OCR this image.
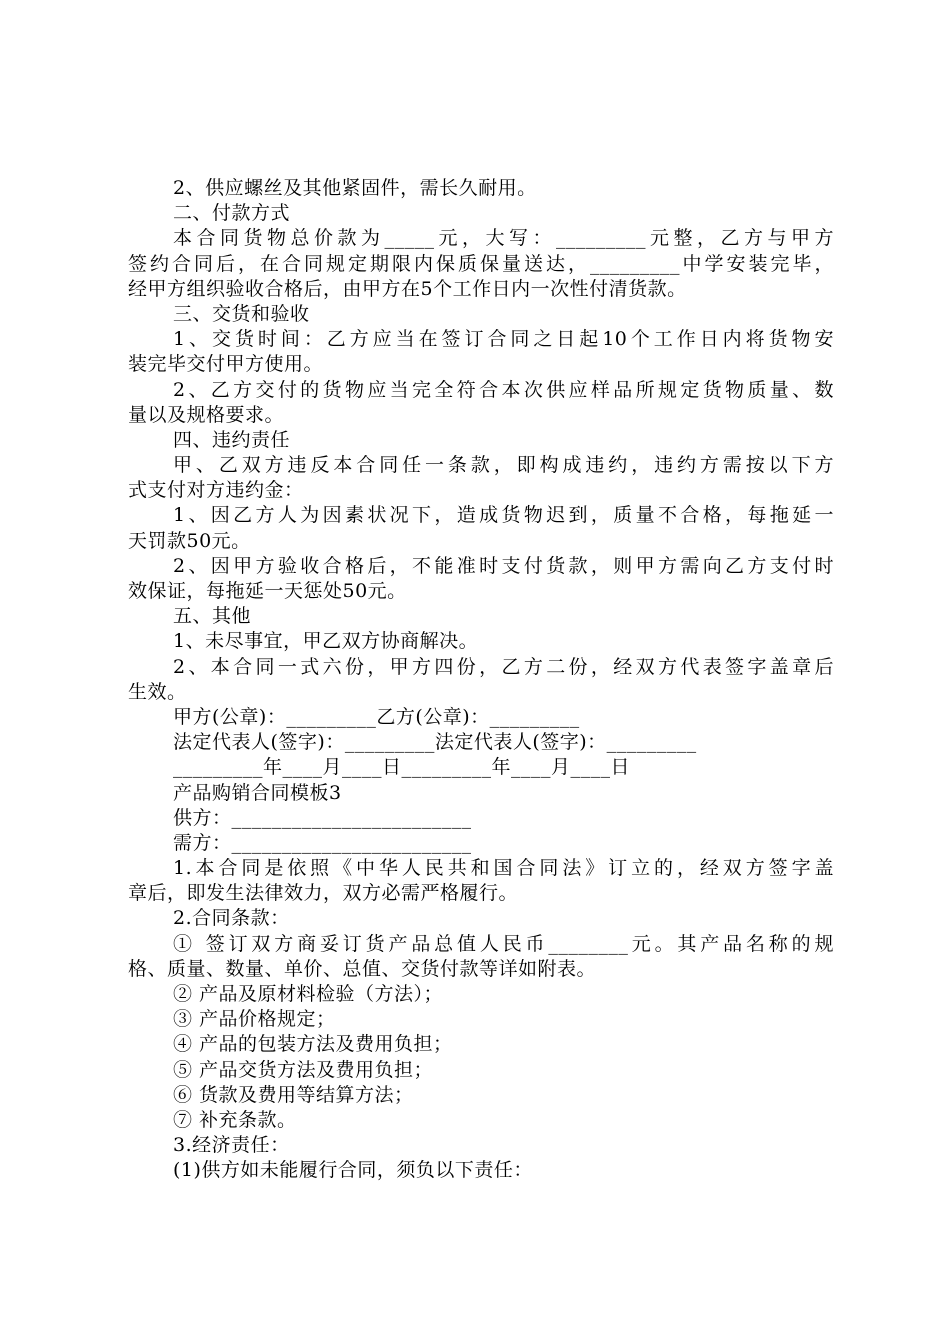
2、供应螺丝及其他紧固件，需长久耐用。
二、付款方式
本合同货物总价款为_____元，大写：_________元整，乙方与甲方
签约合同后，在合同规定期限内保质保量送达，_________中学安装完毕，
经甲方组织验收合格后，由甲方在5个工作日内一次性付清货款。
三、交货和验收
1、交货时间：乙方应当在签订合同之日起10个工作日内将货物安
装完毕交付甲方使用。
2、乙方交付的货物应当完全符合本次供应样品所规定货物质量、数
量以及规格要求。
四、违约责任
甲、乙双方违反本合同任一条款，即构成违约，违约方需按以下方
式支付对方违约金：
1、因乙方人为因素状况下，造成货物迟到，质量不合格，每拖延一
天罚款50元。
2、因甲方验收合格后，不能准时支付货款，则甲方需向乙方支付时
效保证，每拖延一天惩处50元。
五、其他
1、未尽事宜，甲乙双方协商解决。
2、本合同一式六份，甲方四份，乙方二份，经双方代表签字盖章后
生效。
甲方(公章)：_________乙方(公章)：_________
法定代表人(签字)：_________法定代表人(签字)：_________
_________年____月____日_________年____月____日
产品购销合同模板3
供方：________________________
需方：________________________
1.本合同是依照《中华人民共和国合同法》订立的，经双方签字盖
章后，即发生法律效力，双方必需严格履行。
2.合同条款：
① 签订双方商妥订货产品总值人民币________元。其产品名称的规
格、质量、数量、单价、总值、交货付款等详如附表。
② 产品及原材料检验（方法）；
③ 产品价格规定；
④ 产品的包装方法及费用负担；
⑤ 产品交货方法及费用负担；
⑥ 货款及费用等结算方法；
⑦ 补充条款。
3.经济责任：
(1)供方如未能履行合同，须负以下责任：
